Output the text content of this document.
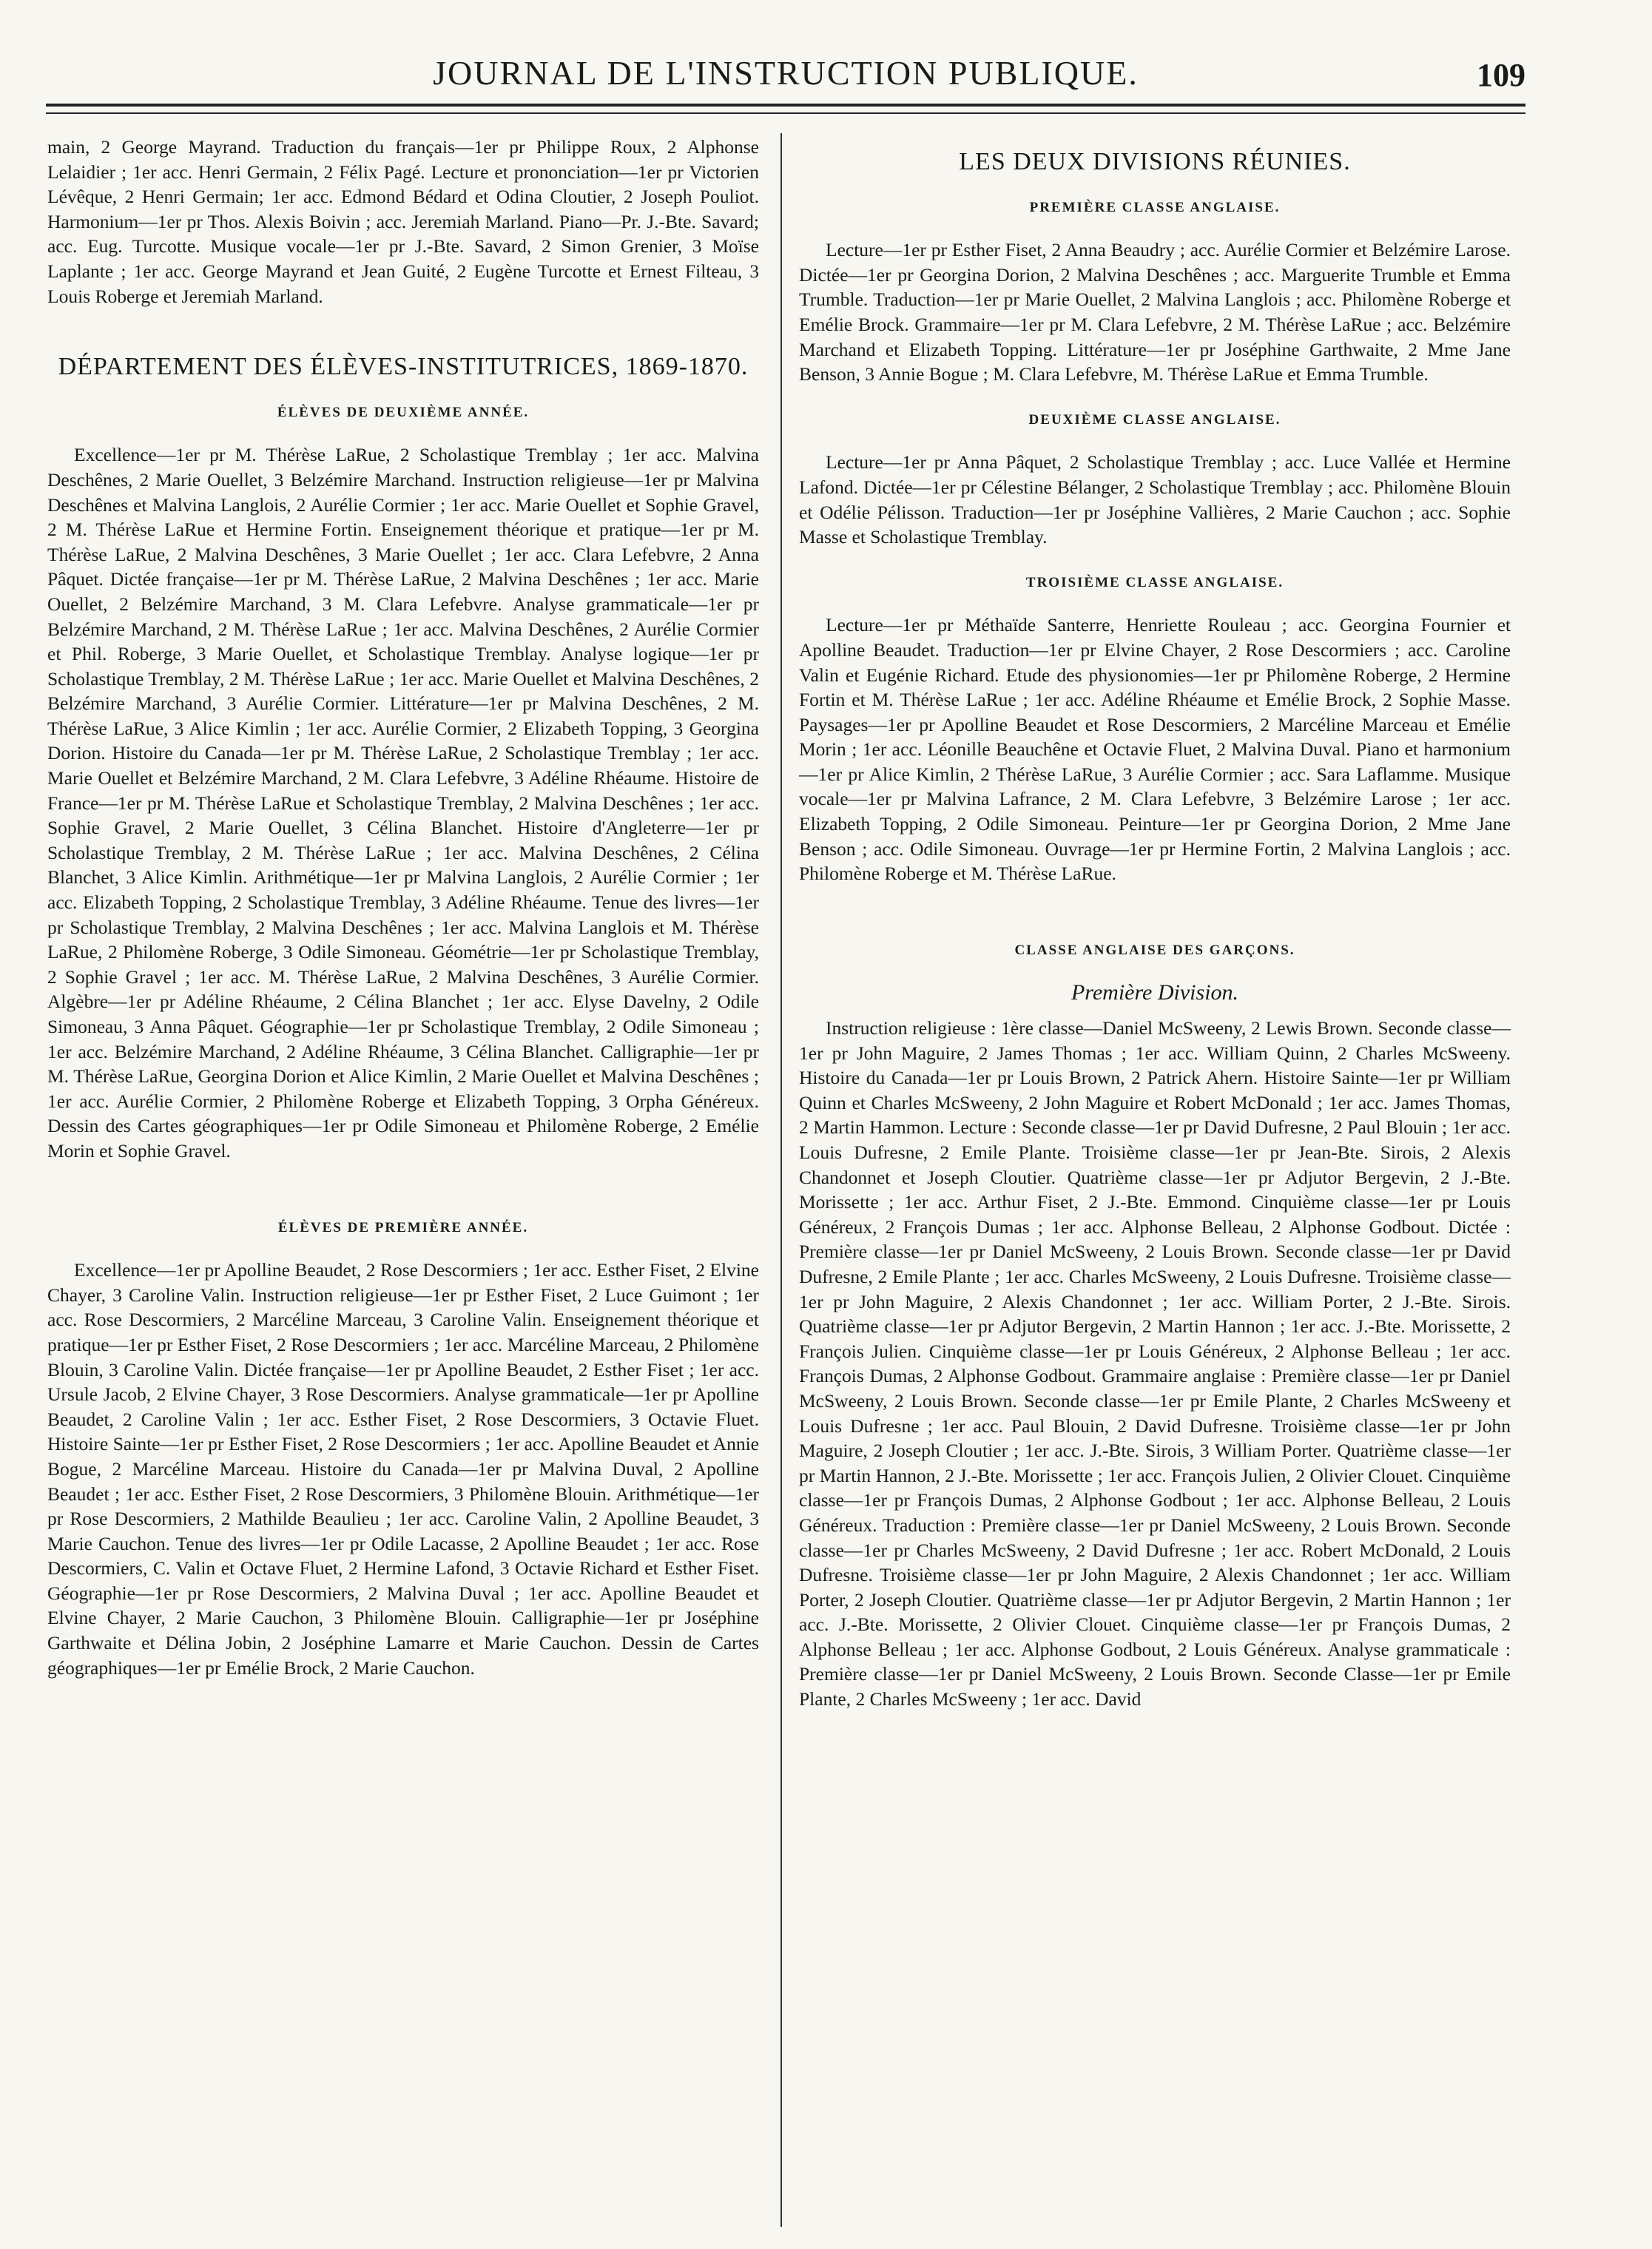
JOURNAL DE L'INSTRUCTION PUBLIQUE.	109

main, 2 George Mayrand. Traduction du français—1er pr Philippe Roux, 2 Alphonse Lelaidier ; 1er acc. Henri Germain, 2 Félix Pagé. Lecture et prononciation—1er pr Victorien Lévêque, 2 Henri Germain; 1er acc. Edmond Bédard et Odina Cloutier, 2 Joseph Pouliot. Harmonium—1er pr Thos. Alexis Boivin ; acc. Jeremiah Marland. Piano—Pr. J.-Bte. Savard; acc. Eug. Turcotte. Musique vocale—1er pr J.-Bte. Savard, 2 Simon Grenier, 3 Moïse Laplante ; 1er acc. George Mayrand et Jean Guité, 2 Eugène Turcotte et Ernest Filteau, 3 Louis Roberge et Jeremiah Marland.

DÉPARTEMENT DES ÉLÈVES-INSTITUTRICES, 1869-1870.
ÉLÈVES DE DEUXIÈME ANNÉE.

Excellence—1er pr M. Thérèse LaRue, 2 Scholastique Tremblay ; 1er acc. Malvina Deschênes, 2 Marie Ouellet, 3 Belzémire Marchand. Instruction religieuse—1er pr Malvina Deschênes et Malvina Langlois, 2 Aurélie Cormier ; 1er acc. Marie Ouellet et Sophie Gravel, 2 M. Thérèse LaRue et Hermine Fortin. Enseignement théorique et pratique—1er pr M. Thérèse LaRue, 2 Malvina Deschênes, 3 Marie Ouellet ; 1er acc. Clara Lefebvre, 2 Anna Pâquet. Dictée française—1er pr M. Thérèse LaRue, 2 Malvina Deschênes ; 1er acc. Marie Ouellet, 2 Belzémire Marchand, 3 M. Clara Lefebvre. Analyse grammaticale—1er pr Belzémire Marchand, 2 M. Thérèse LaRue ; 1er acc. Malvina Deschênes, 2 Aurélie Cormier et Phil. Roberge, 3 Marie Ouellet, et Scholastique Tremblay. Analyse logique—1er pr Scholastique Tremblay, 2 M. Thérèse LaRue ; 1er acc. Marie Ouellet et Malvina Deschênes, 2 Belzémire Marchand, 3 Aurélie Cormier. Littérature—1er pr Malvina Deschênes, 2 M. Thérèse LaRue, 3 Alice Kimlin ; 1er acc. Aurélie Cormier, 2 Elizabeth Topping, 3 Georgina Dorion. Histoire du Canada—1er pr M. Thérèse LaRue, 2 Scholastique Tremblay ; 1er acc. Marie Ouellet et Belzémire Marchand, 2 M. Clara Lefebvre, 3 Adéline Rhéaume. Histoire de France—1er pr M. Thérèse LaRue et Scholastique Tremblay, 2 Malvina Deschênes ; 1er acc. Sophie Gravel, 2 Marie Ouellet, 3 Célina Blanchet. Histoire d'Angleterre—1er pr Scholastique Tremblay, 2 M. Thérèse LaRue ; 1er acc. Malvina Deschênes, 2 Célina Blanchet, 3 Alice Kimlin. Arithmétique—1er pr Malvina Langlois, 2 Aurélie Cormier ; 1er acc. Elizabeth Topping, 2 Scholastique Tremblay, 3 Adéline Rhéaume. Tenue des livres—1er pr Scholastique Tremblay, 2 Malvina Deschênes ; 1er acc. Malvina Langlois et M. Thérèse LaRue, 2 Philomène Roberge, 3 Odile Simoneau. Géométrie—1er pr Scholastique Tremblay, 2 Sophie Gravel ; 1er acc. M. Thérèse LaRue, 2 Malvina Deschênes, 3 Aurélie Cormier. Algèbre—1er pr Adéline Rhéaume, 2 Célina Blanchet ; 1er acc. Elyse Davelny, 2 Odile Simoneau, 3 Anna Pâquet. Géographie—1er pr Scholastique Tremblay, 2 Odile Simoneau ; 1er acc. Belzémire Marchand, 2 Adéline Rhéaume, 3 Célina Blanchet. Calligraphie—1er pr M. Thérèse LaRue, Georgina Dorion et Alice Kimlin, 2 Marie Ouellet et Malvina Deschênes ; 1er acc. Aurélie Cormier, 2 Philomène Roberge et Elizabeth Topping, 3 Orpha Généreux. Dessin des Cartes géographiques—1er pr Odile Simoneau et Philomène Roberge, 2 Emélie Morin et Sophie Gravel.

ÉLÈVES DE PREMIÈRE ANNÉE.

Excellence—1er pr Apolline Beaudet, 2 Rose Descormiers ; 1er acc. Esther Fiset, 2 Elvine Chayer, 3 Caroline Valin. Instruction religieuse—1er pr Esther Fiset, 2 Luce Guimont ; 1er acc. Rose Descormiers, 2 Marcéline Marceau, 3 Caroline Valin. Enseignement théorique et pratique—1er pr Esther Fiset, 2 Rose Descormiers ; 1er acc. Marcéline Marceau, 2 Philomène Blouin, 3 Caroline Valin. Dictée française—1er pr Apolline Beaudet, 2 Esther Fiset ; 1er acc. Ursule Jacob, 2 Elvine Chayer, 3 Rose Descormiers. Analyse grammaticale—1er pr Apolline Beaudet, 2 Caroline Valin ; 1er acc. Esther Fiset, 2 Rose Descormiers, 3 Octavie Fluet. Histoire Sainte—1er pr Esther Fiset, 2 Rose Descormiers ; 1er acc. Apolline Beaudet et Annie Bogue, 2 Marcéline Marceau. Histoire du Canada—1er pr Malvina Duval, 2 Apolline Beaudet ; 1er acc. Esther Fiset, 2 Rose Descormiers, 3 Philomène Blouin. Arithmétique—1er pr Rose Descormiers, 2 Mathilde Beaulieu ; 1er acc. Caroline Valin, 2 Apolline Beaudet, 3 Marie Cauchon. Tenue des livres—1er pr Odile Lacasse, 2 Apolline Beaudet ; 1er acc. Rose Descormiers, C. Valin et Octave Fluet, 2 Hermine Lafond, 3 Octavie Richard et Esther Fiset. Géographie—1er pr Rose Descormiers, 2 Malvina Duval ; 1er acc. Apolline Beaudet et Elvine Chayer, 2 Marie Cauchon, 3 Philomène Blouin. Calligraphie—1er pr Joséphine Garthwaite et Délina Jobin, 2 Joséphine Lamarre et Marie Cauchon. Dessin de Cartes géographiques—1er pr Emélie Brock, 2 Marie Cauchon.

LES DEUX DIVISIONS RÉUNIES.
PREMIÈRE CLASSE ANGLAISE.

Lecture—1er pr Esther Fiset, 2 Anna Beaudry ; acc. Aurélie Cormier et Belzémire Larose. Dictée—1er pr Georgina Dorion, 2 Malvina Deschênes ; acc. Marguerite Trumble et Emma Trumble. Traduction—1er pr Marie Ouellet, 2 Malvina Langlois ; acc. Philomène Roberge et Emélie Brock. Grammaire—1er pr M. Clara Lefebvre, 2 M. Thérèse LaRue ; acc. Belzémire Marchand et Elizabeth Topping. Littérature—1er pr Joséphine Garthwaite, 2 Mme Jane Benson, 3 Annie Bogue ; M. Clara Lefebvre, M. Thérèse LaRue et Emma Trumble.

DEUXIÈME CLASSE ANGLAISE.

Lecture—1er pr Anna Pâquet, 2 Scholastique Tremblay ; acc. Luce Vallée et Hermine Lafond. Dictée—1er pr Célestine Bélanger, 2 Scholastique Tremblay ; acc. Philomène Blouin et Odélie Pélisson. Traduction—1er pr Joséphine Vallières, 2 Marie Cauchon ; acc. Sophie Masse et Scholastique Tremblay.

TROISIÈME CLASSE ANGLAISE.

Lecture—1er pr Méthaïde Santerre, Henriette Rouleau ; acc. Georgina Fournier et Apolline Beaudet. Traduction—1er pr Elvine Chayer, 2 Rose Descormiers ; acc. Caroline Valin et Eugénie Richard. Etude des physionomies—1er pr Philomène Roberge, 2 Hermine Fortin et M. Thérèse LaRue ; 1er acc. Adéline Rhéaume et Emélie Brock, 2 Sophie Masse. Paysages—1er pr Apolline Beaudet et Rose Descormiers, 2 Marcéline Marceau et Emélie Morin ; 1er acc. Léonille Beauchêne et Octavie Fluet, 2 Malvina Duval. Piano et harmonium—1er pr Alice Kimlin, 2 Thérèse LaRue, 3 Aurélie Cormier ; acc. Sara Laflamme. Musique vocale—1er pr Malvina Lafrance, 2 M. Clara Lefebvre, 3 Belzémire Larose ; 1er acc. Elizabeth Topping, 2 Odile Simoneau. Peinture—1er pr Georgina Dorion, 2 Mme Jane Benson ; acc. Odile Simoneau. Ouvrage—1er pr Hermine Fortin, 2 Malvina Langlois ; acc. Philomène Roberge et M. Thérèse LaRue.

CLASSE ANGLAISE DES GARÇONS.
Première Division.

Instruction religieuse : 1ère classe—Daniel McSweeny, 2 Lewis Brown. Seconde classe—1er pr John Maguire, 2 James Thomas ; 1er acc. William Quinn, 2 Charles McSweeny. Histoire du Canada—1er pr Louis Brown, 2 Patrick Ahern. Histoire Sainte—1er pr William Quinn et Charles McSweeny, 2 John Maguire et Robert McDonald ; 1er acc. James Thomas, 2 Martin Hammon. Lecture : Seconde classe—1er pr David Dufresne, 2 Paul Blouin ; 1er acc. Louis Dufresne, 2 Emile Plante. Troisième classe—1er pr Jean-Bte. Sirois, 2 Alexis Chandonnet et Joseph Cloutier. Quatrième classe—1er pr Adjutor Bergevin, 2 J.-Bte. Morissette ; 1er acc. Arthur Fiset, 2 J.-Bte. Emmond. Cinquième classe—1er pr Louis Généreux, 2 François Dumas ; 1er acc. Alphonse Belleau, 2 Alphonse Godbout. Dictée : Première classe—1er pr Daniel McSweeny, 2 Louis Brown. Seconde classe—1er pr David Dufresne, 2 Emile Plante ; 1er acc. Charles McSweeny, 2 Louis Dufresne. Troisième classe—1er pr John Maguire, 2 Alexis Chandonnet ; 1er acc. William Porter, 2 J.-Bte. Sirois. Quatrième classe—1er pr Adjutor Bergevin, 2 Martin Hannon ; 1er acc. J.-Bte. Morissette, 2 François Julien. Cinquième classe—1er pr Louis Généreux, 2 Alphonse Belleau ; 1er acc. François Dumas, 2 Alphonse Godbout. Grammaire anglaise : Première classe—1er pr Daniel McSweeny, 2 Louis Brown. Seconde classe—1er pr Emile Plante, 2 Charles McSweeny et Louis Dufresne ; 1er acc. Paul Blouin, 2 David Dufresne. Troisième classe—1er pr John Maguire, 2 Joseph Cloutier ; 1er acc. J.-Bte. Sirois, 3 William Porter. Quatrième classe—1er pr Martin Hannon, 2 J.-Bte. Morissette ; 1er acc. François Julien, 2 Olivier Clouet. Cinquième classe—1er pr François Dumas, 2 Alphonse Godbout ; 1er acc. Alphonse Belleau, 2 Louis Généreux. Traduction : Première classe—1er pr Daniel McSweeny, 2 Louis Brown. Seconde classe—1er pr Charles McSweeny, 2 David Dufresne ; 1er acc. Robert McDonald, 2 Louis Dufresne. Troisième classe—1er pr John Maguire, 2 Alexis Chandonnet ; 1er acc. William Porter, 2 Joseph Cloutier. Quatrième classe—1er pr Adjutor Bergevin, 2 Martin Hannon ; 1er acc. J.-Bte. Morissette, 2 Olivier Clouet. Cinquième classe—1er pr François Dumas, 2 Alphonse Belleau ; 1er acc. Alphonse Godbout, 2 Louis Généreux. Analyse grammaticale : Première classe—1er pr Daniel McSweeny, 2 Louis Brown. Seconde Classe—1er pr Emile Plante, 2 Charles McSweeny ; 1er acc. David
